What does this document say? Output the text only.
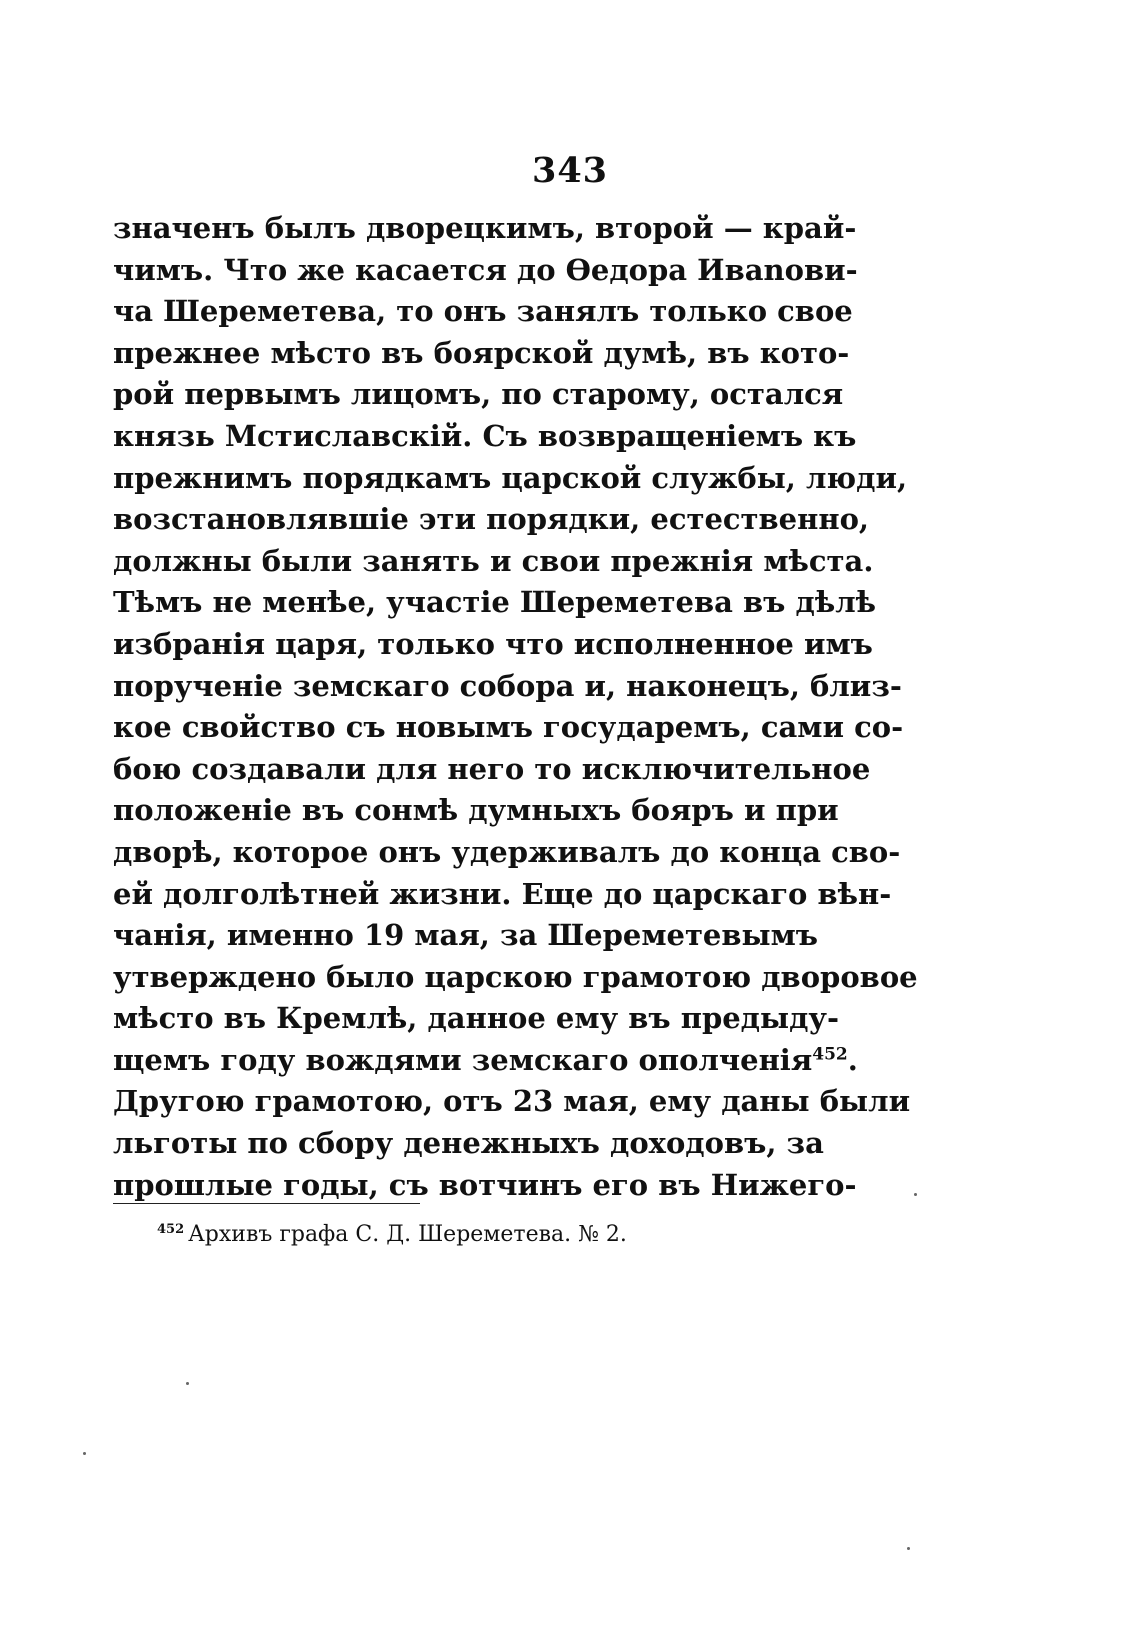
343
значенъ былъ дворецкимъ, второй — край-
чимъ. Что же касается до Ѳедора Ивanoви-
ча Шереметева, то онъ занялъ только свое
прежнее мѣсто въ боярской думѣ, въ кото-
рой первымъ лицомъ, по старому, остался
князь Мстиславскій. Съ возвращеніемъ къ
прежнимъ порядкамъ царской службы, люди,
возстановлявшіе эти порядки, естественно,
должны были занять и свои прежнія мѣста.
Тѣмъ не менѣе, участіе Шереметева въ дѣлѣ
избранія царя, только что исполненное имъ
порученіе земскаго собора и, наконецъ, близ-
кое свойство съ новымъ государемъ, сами со-
бою создавали для него то исключительное
положеніе въ сонмѣ думныхъ бояръ и при
дворѣ, которое онъ удерживалъ до конца сво-
ей долголѣтней жизни. Еще до царскаго вѣн-
чанія, именно 19 мая, за Шереметевымъ
утверждено было царскою грамотою дворовое
мѣсто въ Кремлѣ, данное ему въ предыду-
щемъ году вождями земскаго ополченія$^{452}$.
Другою грамотою, отъ 23 мая, ему даны были
льготы по сбору денежныхъ доходовъ, за
прошлые годы, съ вотчинъ его въ Нижего-
$^{452}$ Архивъ графа С. Д. Шереметева. № 2.
